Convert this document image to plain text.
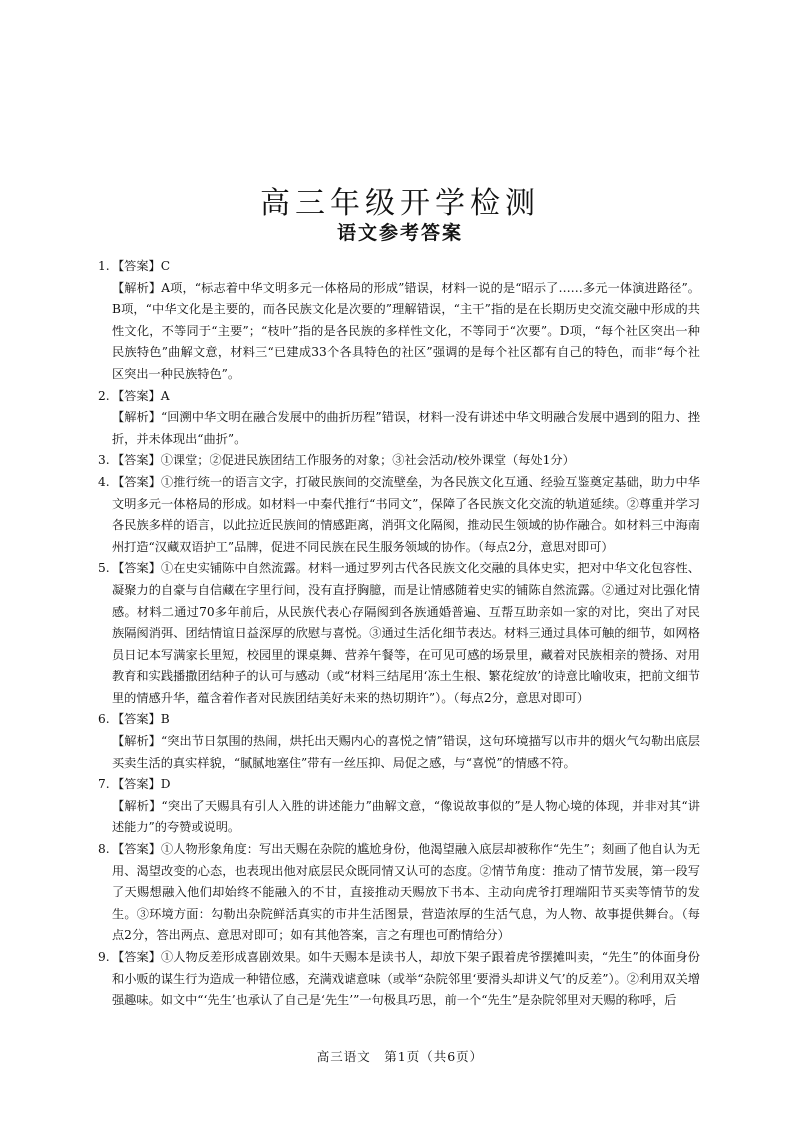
高三年级开学检测
语文参考答案

1. 【答案】C

【解析】A项，“标志着中华文明多元一体格局的形成”错误，材料一说的是“昭示了……多元一体演进路径”。B项，“中华文化是主要的，而各民族文化是次要的”理解错误，“主干”指的是在长期历史交流交融中形成的共性文化，不等同于“主要”；“枝叶”指的是各民族的多样性文化，不等同于“次要”。D项，“每个社区突出一种民族特色”曲解文意，材料三“已建成33个各具特色的社区”强调的是每个社区都有自己的特色，而非“每个社区突出一种民族特色”。

2. 【答案】A

【解析】“回溯中华文明在融合发展中的曲折历程”错误，材料一没有讲述中华文明融合发展中遇到的阻力、挫折，并未体现出“曲折”。

3. 【答案】①课堂；②促进民族团结工作服务的对象；③社会活动/校外课堂（每处1分）

4. 【答案】①推行统一的语言文字，打破民族间的交流壁垒，为各民族文化互通、经验互鉴奠定基础，助力中华文明多元一体格局的形成。如材料一中秦代推行“书同文”，保障了各民族文化交流的轨道延续。②尊重并学习各民族多样的语言，以此拉近民族间的情感距离，消弭文化隔阂，推动民生领域的协作融合。如材料三中海南州打造“汉藏双语护工”品牌，促进不同民族在民生服务领域的协作。（每点2分，意思对即可）

5. 【答案】①在史实铺陈中自然流露。材料一通过罗列古代各民族文化交融的具体史实，把对中华文化包容性、凝聚力的自豪与自信藏在字里行间，没有直抒胸臆，而是让情感随着史实的铺陈自然流露。②通过对比强化情感。材料二通过70多年前后，从民族代表心存隔阂到各族通婚普遍、互帮互助亲如一家的对比，突出了对民族隔阂消弭、团结情谊日益深厚的欣慰与喜悦。③通过生活化细节表达。材料三通过具体可触的细节，如网格员日记本写满家长里短，校园里的课桌舞、营养午餐等，在可见可感的场景里，藏着对民族相亲的赞扬、对用教育和实践播撒团结种子的认可与感动（或“材料三结尾用‘冻土生根、繁花绽放’的诗意比喻收束，把前文细节里的情感升华，蕴含着作者对民族团结美好未来的热切期许”）。（每点2分，意思对即可）

6. 【答案】B

【解析】“突出节日氛围的热闹，烘托出天赐内心的喜悦之情”错误，这句环境描写以市井的烟火气勾勒出底层买卖生活的真实样貌，“腻腻地塞住”带有一丝压抑、局促之感，与“喜悦”的情感不符。

7. 【答案】D

【解析】“突出了天赐具有引人入胜的讲述能力”曲解文意，“像说故事似的”是人物心境的体现，并非对其“讲述能力”的夸赞或说明。

8. 【答案】①人物形象角度：写出天赐在杂院的尴尬身份，他渴望融入底层却被称作“先生”；刻画了他自认为无用、渴望改变的心态，也表现出他对底层民众既同情又认可的态度。②情节角度：推动了情节发展，第一段写了天赐想融入他们却始终不能融入的不甘，直接推动天赐放下书本、主动向虎爷打理端阳节买卖等情节的发生。③环境方面：勾勒出杂院鲜活真实的市井生活图景，营造浓厚的生活气息，为人物、故事提供舞台。（每点2分，答出两点、意思对即可；如有其他答案，言之有理也可酌情给分）

9. 【答案】①人物反差形成喜剧效果。如牛天赐本是读书人，却放下架子跟着虎爷摆摊叫卖，“先生”的体面身份和小贩的谋生行为造成一种错位感，充满戏谑意味（或举“杂院邻里‘要滑头却讲义气’的反差”）。②利用双关增强趣味。如文中“‘先生’也承认了自己是‘先生’”一句极具巧思，前一个“先生”是杂院邻里对天赐的称呼，后

高三语文　第1页（共6页）
